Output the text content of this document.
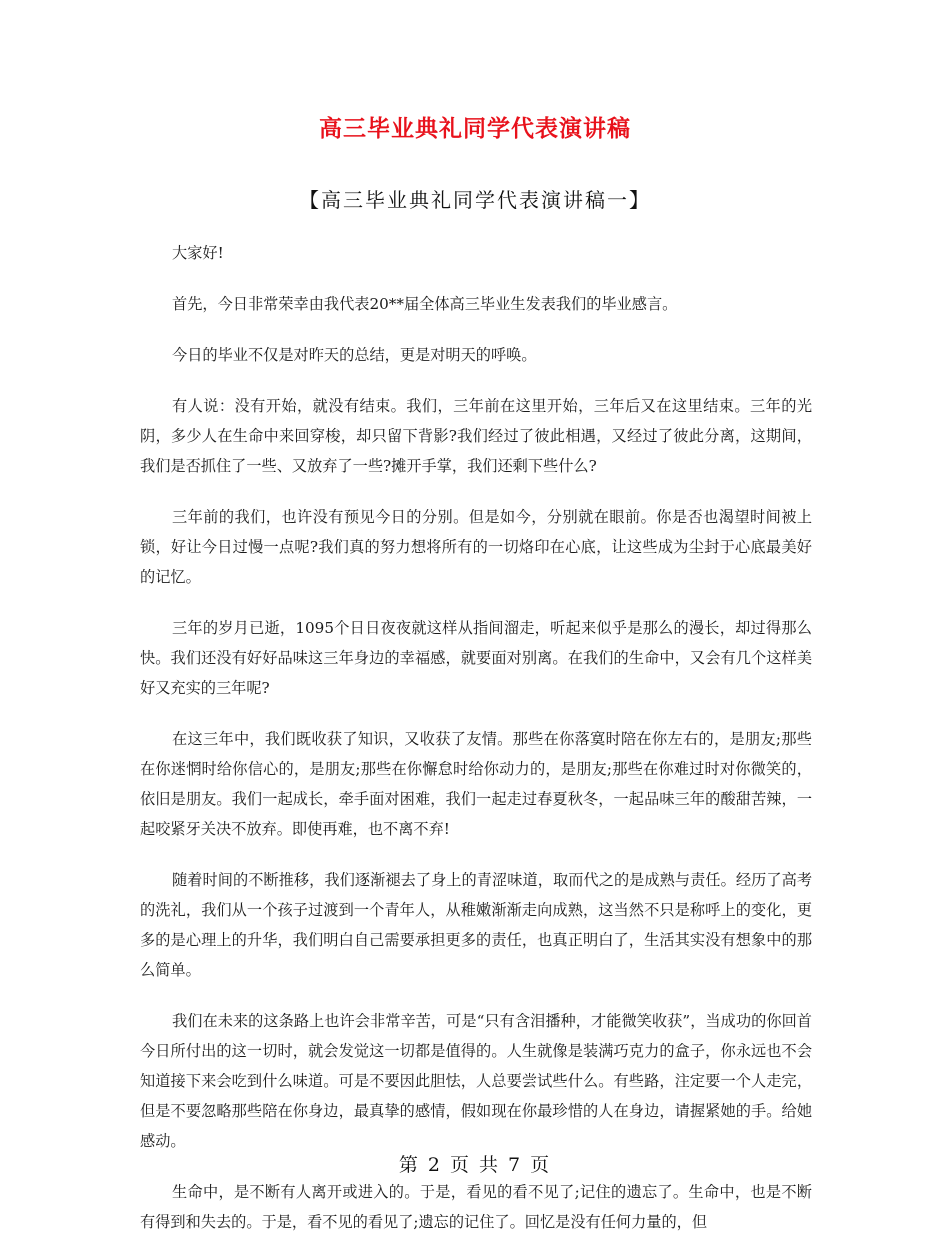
高三毕业典礼同学代表演讲稿
【高三毕业典礼同学代表演讲稿一】

大家好!

首先，今日非常荣幸由我代表20**届全体高三毕业生发表我们的毕业感言。

今日的毕业不仅是对昨天的总结，更是对明天的呼唤。

有人说：没有开始，就没有结束。我们，三年前在这里开始，三年后又在这里结束。三年的光阴，多少人在生命中来回穿梭，却只留下背影?我们经过了彼此相遇，又经过了彼此分离，这期间，我们是否抓住了一些、又放弃了一些?摊开手掌，我们还剩下些什么?

三年前的我们，也许没有预见今日的分别。但是如今，分别就在眼前。你是否也渴望时间被上锁，好让今日过慢一点呢?我们真的努力想将所有的一切烙印在心底，让这些成为尘封于心底最美好的记忆。

三年的岁月已逝，1095个日日夜夜就这样从指间溜走，听起来似乎是那么的漫长，却过得那么快。我们还没有好好品味这三年身边的幸福感，就要面对别离。在我们的生命中，又会有几个这样美好又充实的三年呢?

在这三年中，我们既收获了知识，又收获了友情。那些在你落寞时陪在你左右的，是朋友;那些在你迷惘时给你信心的，是朋友;那些在你懈怠时给你动力的，是朋友;那些在你难过时对你微笑的，依旧是朋友。我们一起成长，牵手面对困难，我们一起走过春夏秋冬，一起品味三年的酸甜苦辣，一起咬紧牙关决不放弃。即使再难，也不离不弃!

随着时间的不断推移，我们逐渐褪去了身上的青涩味道，取而代之的是成熟与责任。经历了高考的洗礼，我们从一个孩子过渡到一个青年人，从稚嫩渐渐走向成熟，这当然不只是称呼上的变化，更多的是心理上的升华，我们明白自己需要承担更多的责任，也真正明白了，生活其实没有想象中的那么简单。

我们在未来的这条路上也许会非常辛苦，可是“只有含泪播种，才能微笑收获”，当成功的你回首今日所付出的这一切时，就会发觉这一切都是值得的。人生就像是装满巧克力的盒子，你永远也不会知道接下来会吃到什么味道。可是不要因此胆怯，人总要尝试些什么。有些路，注定要一个人走完，但是不要忽略那些陪在你身边，最真挚的感情，假如现在你最珍惜的人在身边，请握紧她的手。给她感动。

生命中，是不断有人离开或进入的。于是，看见的看不见了;记住的遗忘了。生命中，也是不断有得到和失去的。于是，看不见的看见了;遗忘的记住了。回忆是没有任何力量的，但

第 2 页 共 7 页
